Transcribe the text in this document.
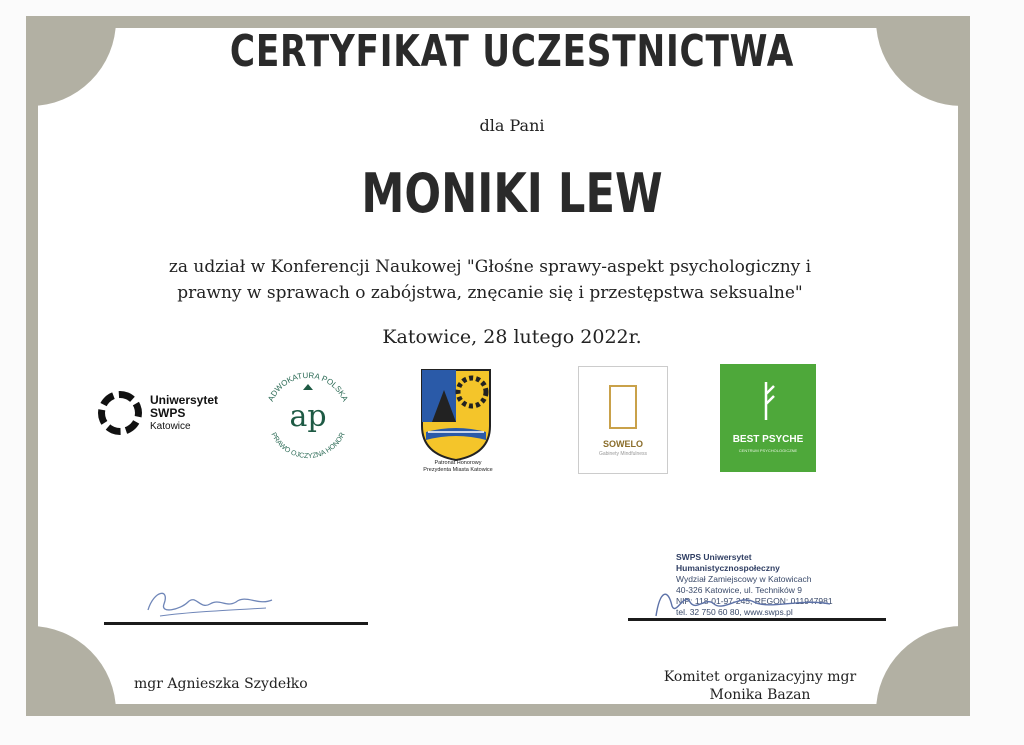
CERTYFIKAT UCZESTNICTWA
dla Pani
MONIKI LEW
za udział w Konferencji Naukowej "Głośne sprawy-aspekt psychologiczny i prawny w sprawach o zabójstwa, znęcanie się i przestępstwa seksualne"
Katowice, 28 lutego 2022r.
Uniwersytet
SWPS
Katowice
ADWOKATURA POLSKA
PRAWO OJCZYZNA HONOR
ap
Patronat Honorowy
Prezydenta Miasta Katowice
SOWELO
Gabinety Mindfulness
BEST PSYCHE
CENTRUM PSYCHOLOGICZNE
SWPS Uniwersytet Humanistycznospołeczny
Wydział Zamiejscowy w Katowicach
40-326 Katowice, ul. Techników 9
NIP: 118-01-97-245, REGON: 011947981
tel. 32 750 60 80, www.swps.pl
mgr Agnieszka Szydełko	Komitet organizacyjny mgr
Monika Bazan
